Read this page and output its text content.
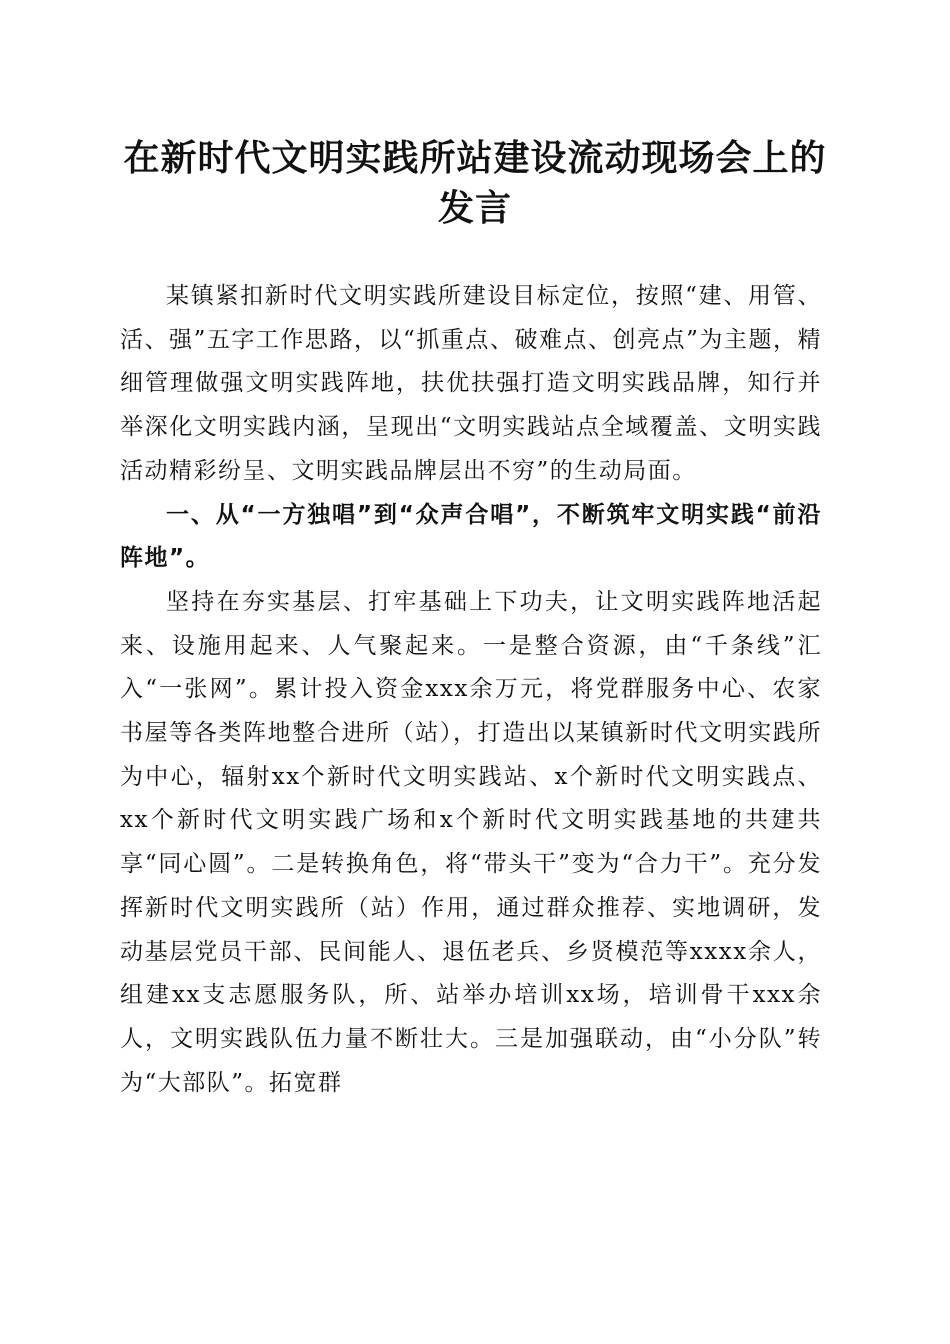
在新时代文明实践所站建设流动现场会上的发言

某镇紧扣新时代文明实践所建设目标定位，按照“建、用管、活、强”五字工作思路，以“抓重点、破难点、创亮点”为主题，精细管理做强文明实践阵地，扶优扶强打造文明实践品牌，知行并举深化文明实践内涵，呈现出“文明实践站点全域覆盖、文明实践活动精彩纷呈、文明实践品牌层出不穷”的生动局面。

一、从“一方独唱”到“众声合唱”，不断筑牢文明实践“前沿阵地”。

坚持在夯实基层、打牢基础上下功夫，让文明实践阵地活起来、设施用起来、人气聚起来。一是整合资源，由“千条线”汇入“一张网”。累计投入资金xxx余万元，将党群服务中心、农家书屋等各类阵地整合进所（站），打造出以某镇新时代文明实践所为中心，辐射xx个新时代文明实践站、x个新时代文明实践点、xx个新时代文明实践广场和x个新时代文明实践基地的共建共享“同心圆”。二是转换角色，将“带头干”变为“合力干”。充分发挥新时代文明实践所（站）作用，通过群众推荐、实地调研，发动基层党员干部、民间能人、退伍老兵、乡贤模范等xxxx余人，组建xx支志愿服务队，所、站举办培训xx场，培训骨干xxx余人，文明实践队伍力量不断壮大。三是加强联动，由“小分队”转为“大部队”。拓宽群
